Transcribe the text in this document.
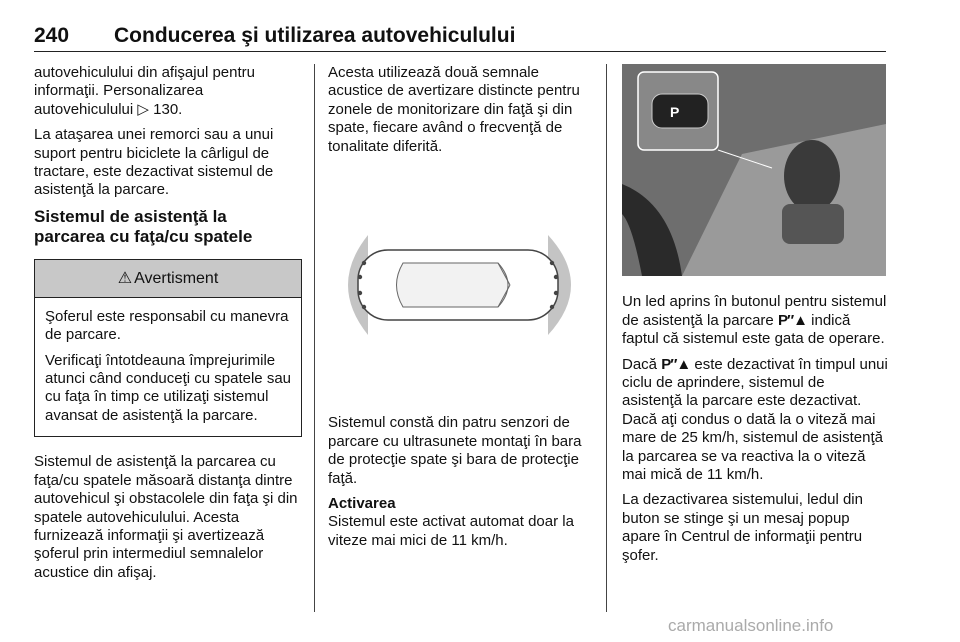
240 Conducerea şi utilizarea autovehiculului

autovehiculului din afişajul pentru informaţii. Personalizarea autovehiculului ▷ 130.

La ataşarea unei remorci sau a unui suport pentru biciclete la cârligul de tractare, este dezactivat sistemul de asistenţă la parcare.

Sistemul de asistenţă la parcarea cu faţa/cu spatele
⚠ Avertisment

Şoferul este responsabil cu manevra de parcare.

Verificaţi întotdeauna împrejurimile atunci când conduceţi cu spatele sau cu faţa în timp ce utilizaţi sistemul avansat de asistenţă la parcare.

Sistemul de asistenţă la parcarea cu faţa/cu spatele măsoară distanţa dintre autovehicul şi obstacolele din faţa şi din spatele autovehiculului. Acesta furnizează informaţii şi avertizează şoferul prin intermediul semnalelor acustice din afişaj.

Acesta utilizează două semnale acustice de avertizare distincte pentru zonele de monitorizare din faţă şi din spate, fiecare având o frecvenţă de tonalitate diferită.

Sistemul constă din patru senzori de parcare cu ultrasunete montaţi în bara de protecţie spate şi bara de protecţie faţă.

Activarea

Sistemul este activat automat doar la viteze mai mici de 11 km/h.

P

Un led aprins în butonul pentru sistemul de asistenţă la parcare P″▲ indică faptul că sistemul este gata de operare.

Dacă P″▲ este dezactivat în timpul unui ciclu de aprindere, sistemul de asistenţă la parcare este dezactivat. Dacă aţi condus o dată la o viteză mai mare de 25 km/h, sistemul de asistenţă la parcarea se va reactiva la o viteză mai mică de 11 km/h.

La dezactivarea sistemului, ledul din buton se stinge şi un mesaj popup apare în Centrul de informaţii pentru şofer.

carmanualsonline.info
